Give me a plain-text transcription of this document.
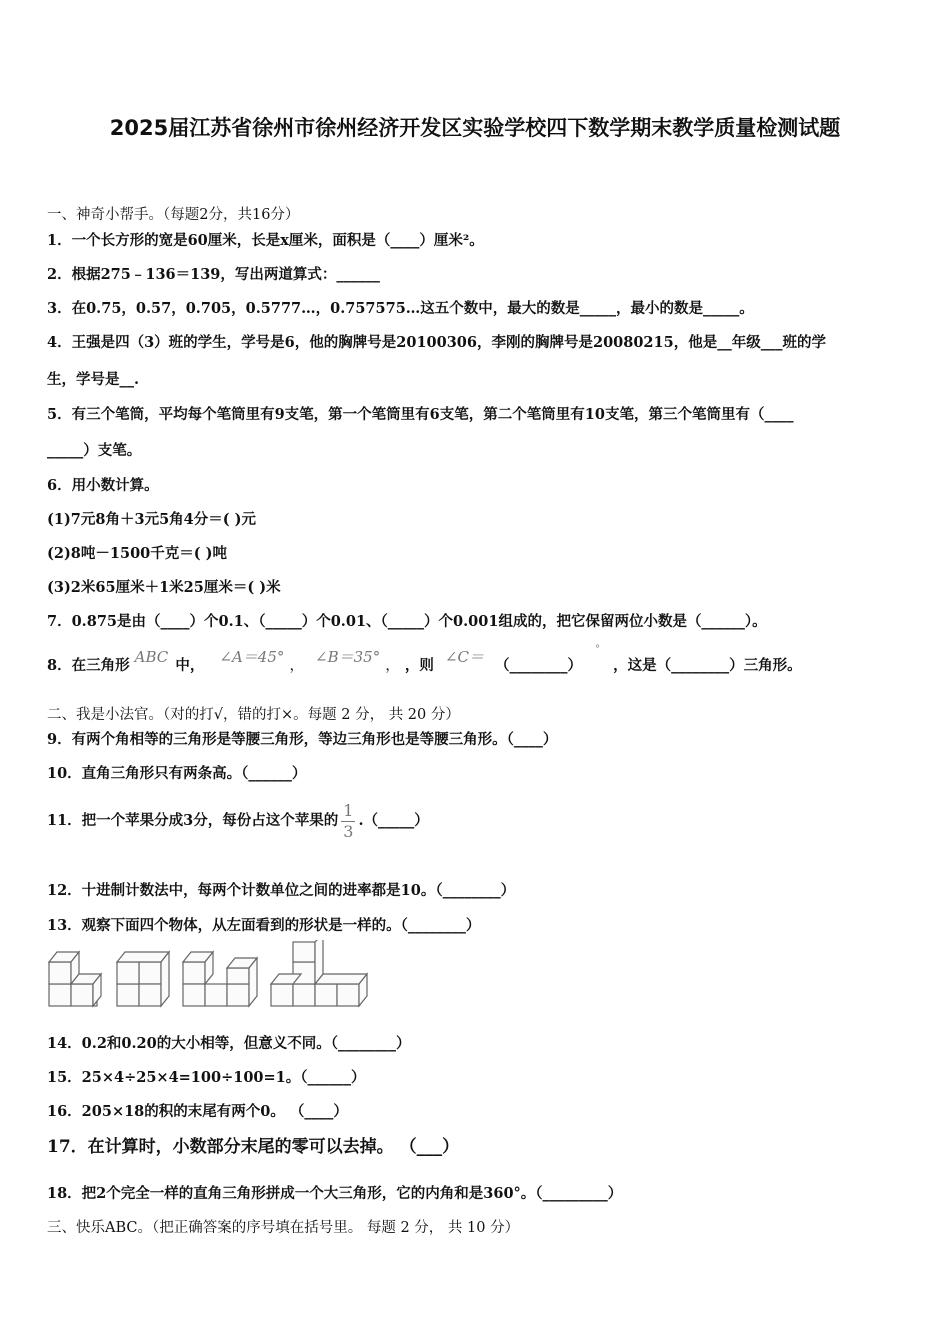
2025届江苏省徐州市徐州经济开发区实验学校四下数学期末教学质量检测试题
一、神奇小帮手。（每题2分，共16分）
1．一个长方形的宽是60厘米，长是x厘米，面积是（____）厘米²。
2．根据275﹣136＝139，写出两道算式：______
3．在0.75，0.57，0.705，0.5777…，0.757575…这五个数中，最大的数是_____，最小的数是_____。
4．王强是四（3）班的学生，学号是6，他的胸牌号是20100306，李刚的胸牌号是20080215，他是__年级___班的学
生，学号是__.
5．有三个笔筒，平均每个笔筒里有9支笔，第一个笔筒里有6支笔，第二个笔筒里有10支笔，第三个笔筒里有（____
_____）支笔。
6．用小数计算。
(1)7元8角＋3元5角4分＝( )元
(2)8吨－1500千克＝( )吨
(3)2米65厘米＋1米25厘米＝( )米
7．0.875是由（____）个0.1、（_____）个0.01、（_____）个0.001组成的，把它保留两位小数是（______）。
8．在三角形 ABC 中， ∠A＝45° ， ∠B＝35° ， ，则 ∠C＝ （________） ° ，这是（________）三角形。
二、我是小法官。（对的打√，错的打×。每题 2 分， 共 20 分）
9．有两个角相等的三角形是等腰三角形，等边三角形也是等腰三角形。（____）
10．直角三角形只有两条高。（______）
11．把一个苹果分成3分，每份占这个苹果的 $\frac{1}{3}$ .（_____）
12．十进制计数法中，每两个计数单位之间的进率都是10。（________）
13．观察下面四个物体，从左面看到的形状是一样的。（________）
14．0.2和0.20的大小相等，但意义不同。（________）
15．25×4÷25×4=100÷100=1。（______）
16．205×18的积的末尾有两个0。 （____）
17．在计算时，小数部分末尾的零可以去掉。 （___）
18．把2个完全一样的直角三角形拼成一个大三角形，它的内角和是360°。（_________）
三、快乐ABC。（把正确答案的序号填在括号里。 每题 2 分， 共 10 分）
